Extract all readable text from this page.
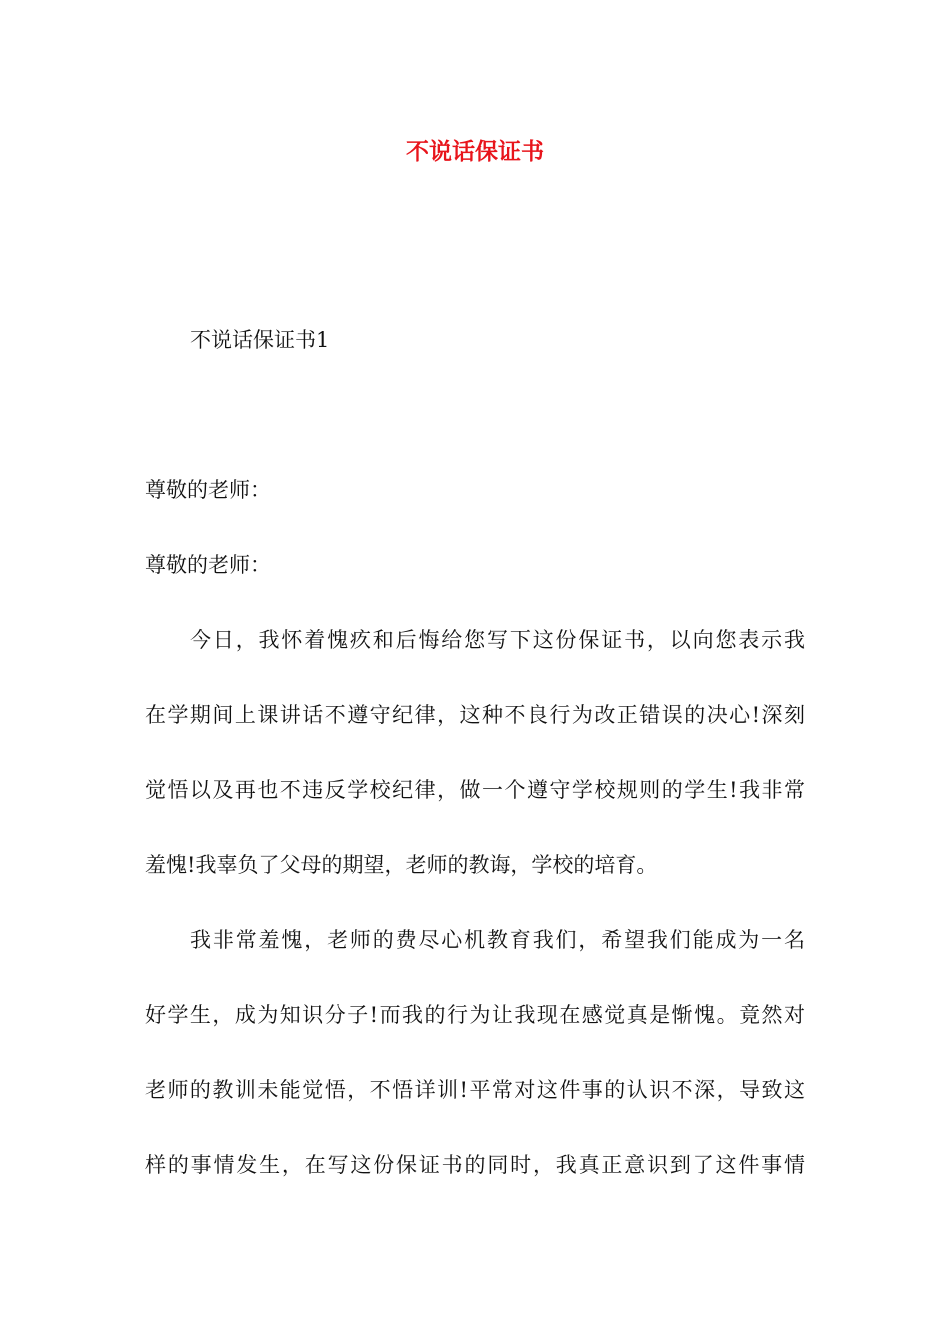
不说话保证书
不说话保证书1
尊敬的老师：
尊敬的老师：
今日，我怀着愧疚和后悔给您写下这份保证书，以向您表示我
在学期间上课讲话不遵守纪律，这种不良行为改正错误的决心!深刻
觉悟以及再也不违反学校纪律，做一个遵守学校规则的学生!我非常
羞愧!我辜负了父母的期望，老师的教诲，学校的培育。
我非常羞愧，老师的费尽心机教育我们，希望我们能成为一名
好学生，成为知识分子!而我的行为让我现在感觉真是惭愧。竟然对
老师的教训未能觉悟，不悟详训!平常对这件事的认识不深，导致这
样的事情发生，在写这份保证书的同时，我真正意识到了这件事情
